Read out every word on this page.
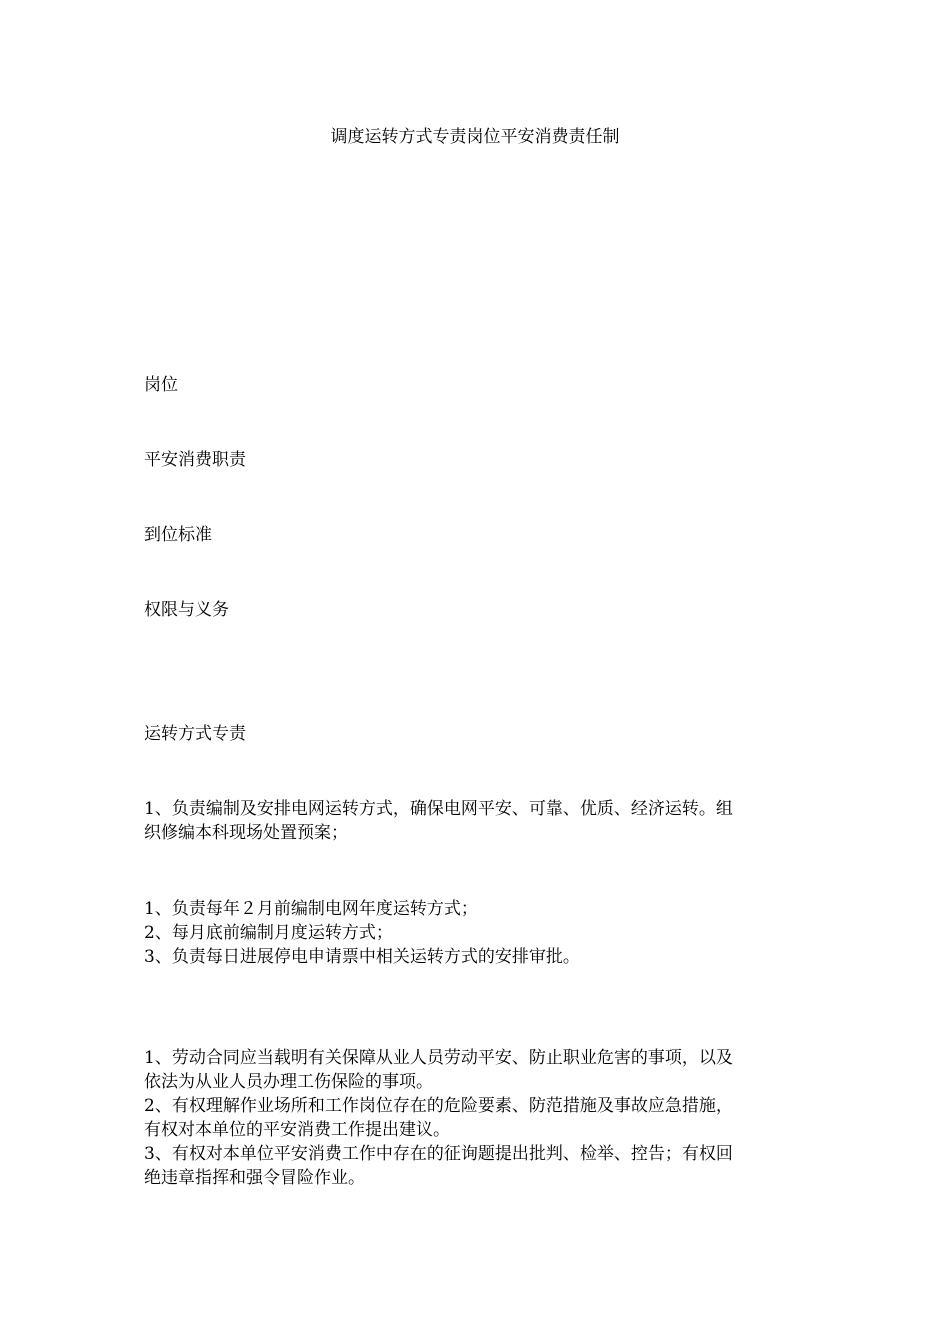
调度运转方式专责岗位平安消费责任制

岗位

平安消费职责

到位标准

权限与义务

运转方式专责

1、负责编制及安排电网运转方式，确保电网平安、可靠、优质、经济运转。组

织修编本科现场处置预案；

1、负责每年２月前编制电网年度运转方式；

2、每月底前编制月度运转方式；

3、负责每日进展停电申请票中相关运转方式的安排审批。

1、劳动合同应当载明有关保障从业人员劳动平安、防止职业危害的事项，以及

依法为从业人员办理工伤保险的事项。

2、有权理解作业场所和工作岗位存在的危险要素、防范措施及事故应急措施，

有权对本单位的平安消费工作提出建议。

3、有权对本单位平安消费工作中存在的征询题提出批判、检举、控告；有权回

绝违章指挥和强令冒险作业。
